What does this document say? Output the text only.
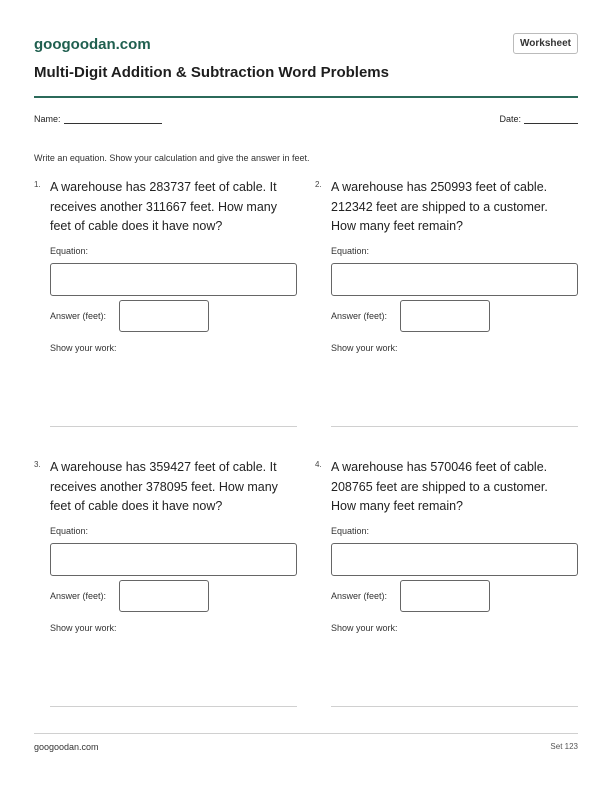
googoodan.com	Worksheet
Multi-Digit Addition & Subtraction Word Problems
Name:	Date:
Write an equation. Show your calculation and give the answer in feet.
1. A warehouse has 283737 feet of cable. It receives another 311667 feet. How many feet of cable does it have now?
Equation:
Answer (feet):
Show your work:
2. A warehouse has 250993 feet of cable. 212342 feet are shipped to a customer. How many feet remain?
Equation:
Answer (feet):
Show your work:
3. A warehouse has 359427 feet of cable. It receives another 378095 feet. How many feet of cable does it have now?
Equation:
Answer (feet):
Show your work:
4. A warehouse has 570046 feet of cable. 208765 feet are shipped to a customer. How many feet remain?
Equation:
Answer (feet):
Show your work:
googoodan.com	Set 123
